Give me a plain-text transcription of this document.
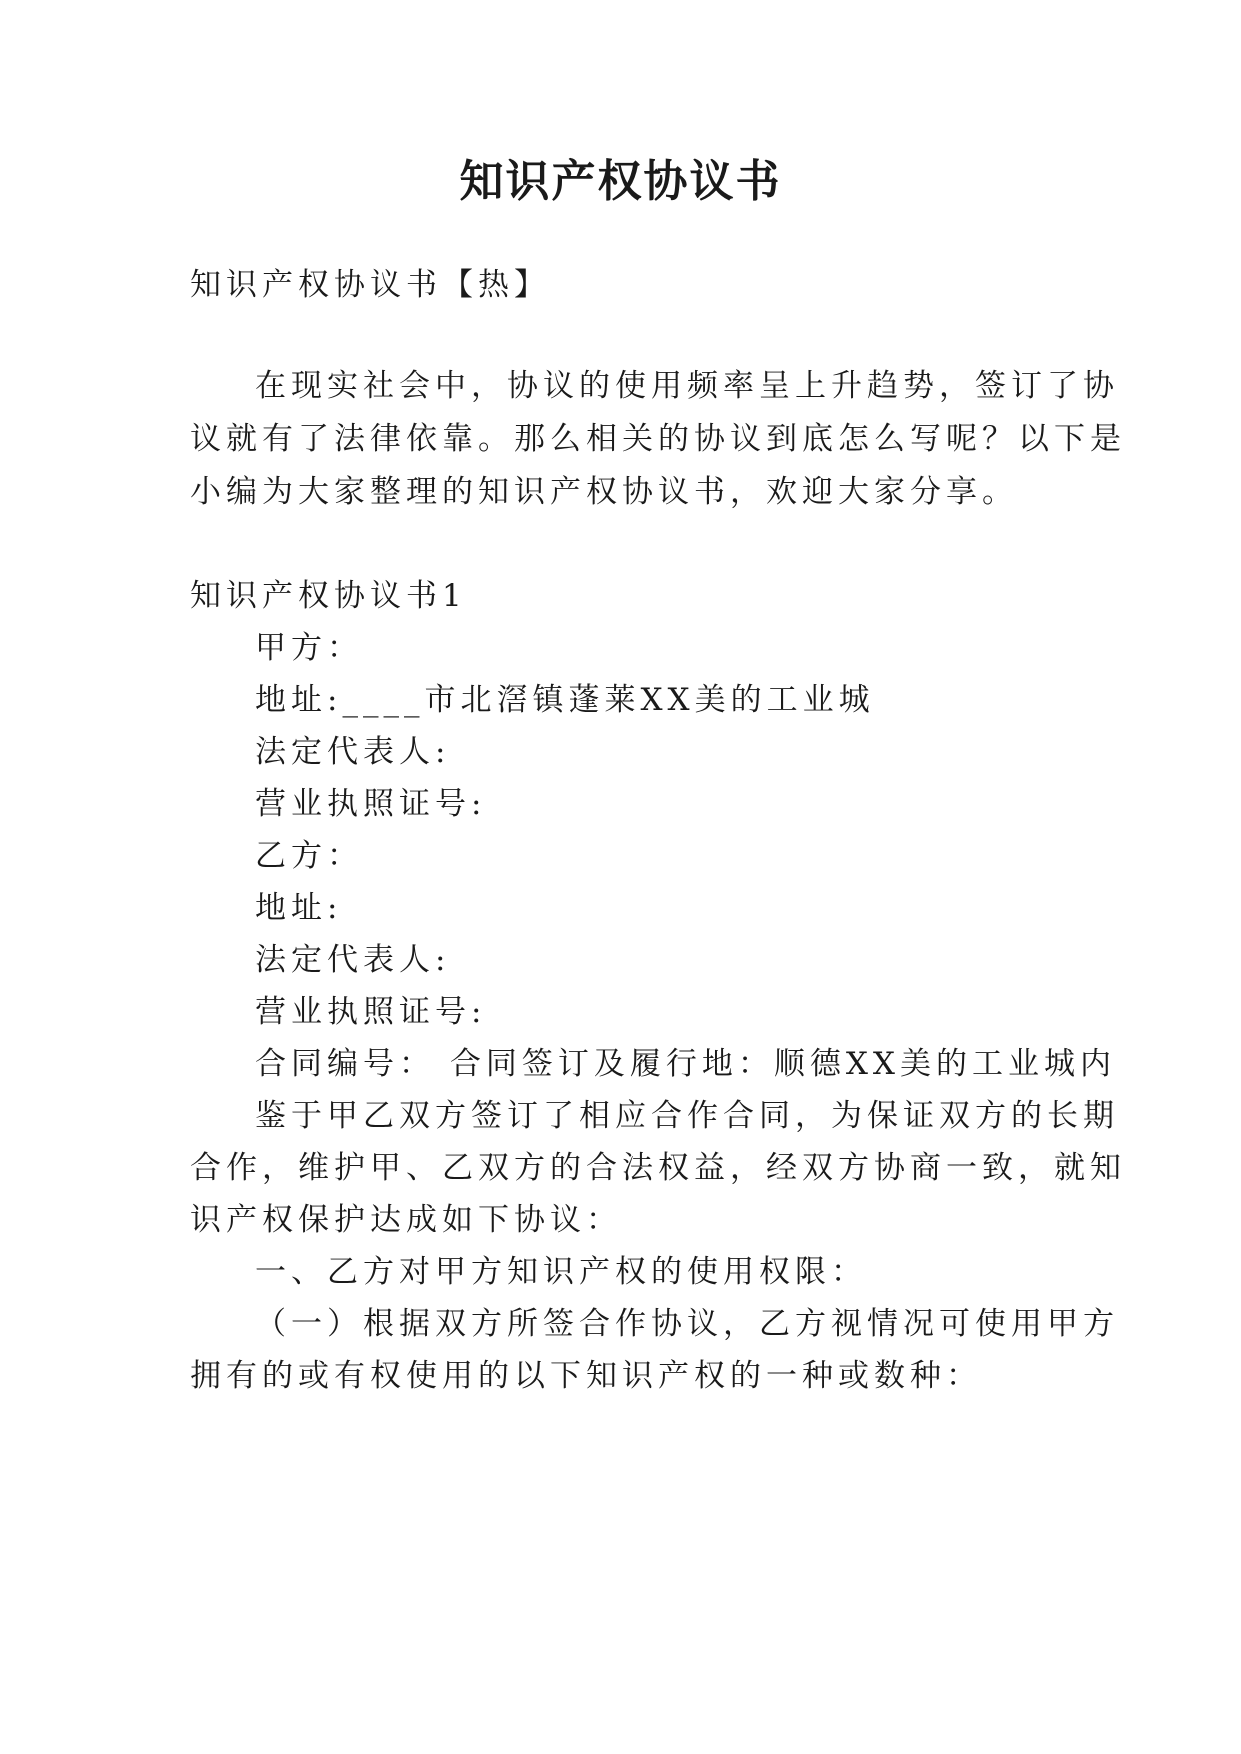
知识产权协议书

知识产权协议书【热】

在现实社会中，协议的使用频率呈上升趋势，签订了协

议就有了法律依靠。那么相关的协议到底怎么写呢？以下是

小编为大家整理的知识产权协议书，欢迎大家分享。

知识产权协议书1

甲方：

地址:____市北滘镇蓬莱XX美的工业城

法定代表人:

营业执照证号:

乙方：

地址:

法定代表人:

营业执照证号:

合同编号： 合同签订及履行地：顺德XX美的工业城内

鉴于甲乙双方签订了相应合作合同，为保证双方的长期

合作，维护甲、乙双方的合法权益，经双方协商一致，就知

识产权保护达成如下协议：

一、乙方对甲方知识产权的使用权限：

（一）根据双方所签合作协议，乙方视情况可使用甲方

拥有的或有权使用的以下知识产权的一种或数种：
